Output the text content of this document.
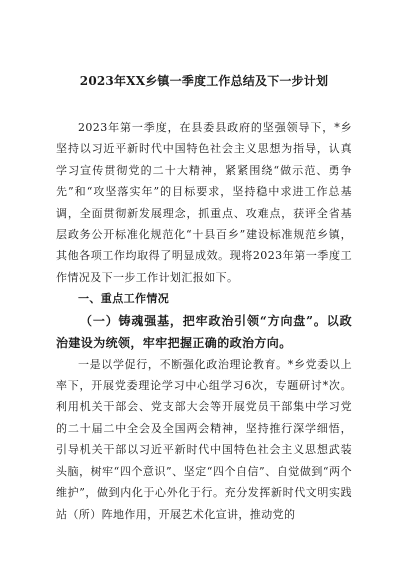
2023年XX乡镇一季度工作总结及下一步计划

2023年第一季度，在县委县政府的坚强领导下，*乡坚持以习近平新时代中国特色社会主义思想为指导，认真学习宣传贯彻党的二十大精神，紧紧围绕“做示范、勇争先”和“攻坚落实年”的目标要求，坚持稳中求进工作总基调，全面贯彻新发展理念，抓重点、攻难点，获评全省基层政务公开标准化规范化“十县百乡”建设标准规范乡镇，其他各项工作均取得了明显成效。现将2023年第一季度工作情况及下一步工作计划汇报如下。

一、重点工作情况

（一）铸魂强基，把牢政治引领“方向盘”。以政治建设为统领，牢牢把握正确的政治方向。

一是以学促行，不断强化政治理论教育。*乡党委以上率下，开展党委理论学习中心组学习6次，专题研讨*次。利用机关干部会、党支部大会等开展党员干部集中学习党的二十届二中全会及全国两会精神，坚持推行深学细悟，引导机关干部以习近平新时代中国特色社会主义思想武装头脑，树牢“四个意识”、坚定“四个自信”、自觉做到“两个维护”，做到内化于心外化于行。充分发挥新时代文明实践站（所）阵地作用，开展艺术化宣讲，推动党的
